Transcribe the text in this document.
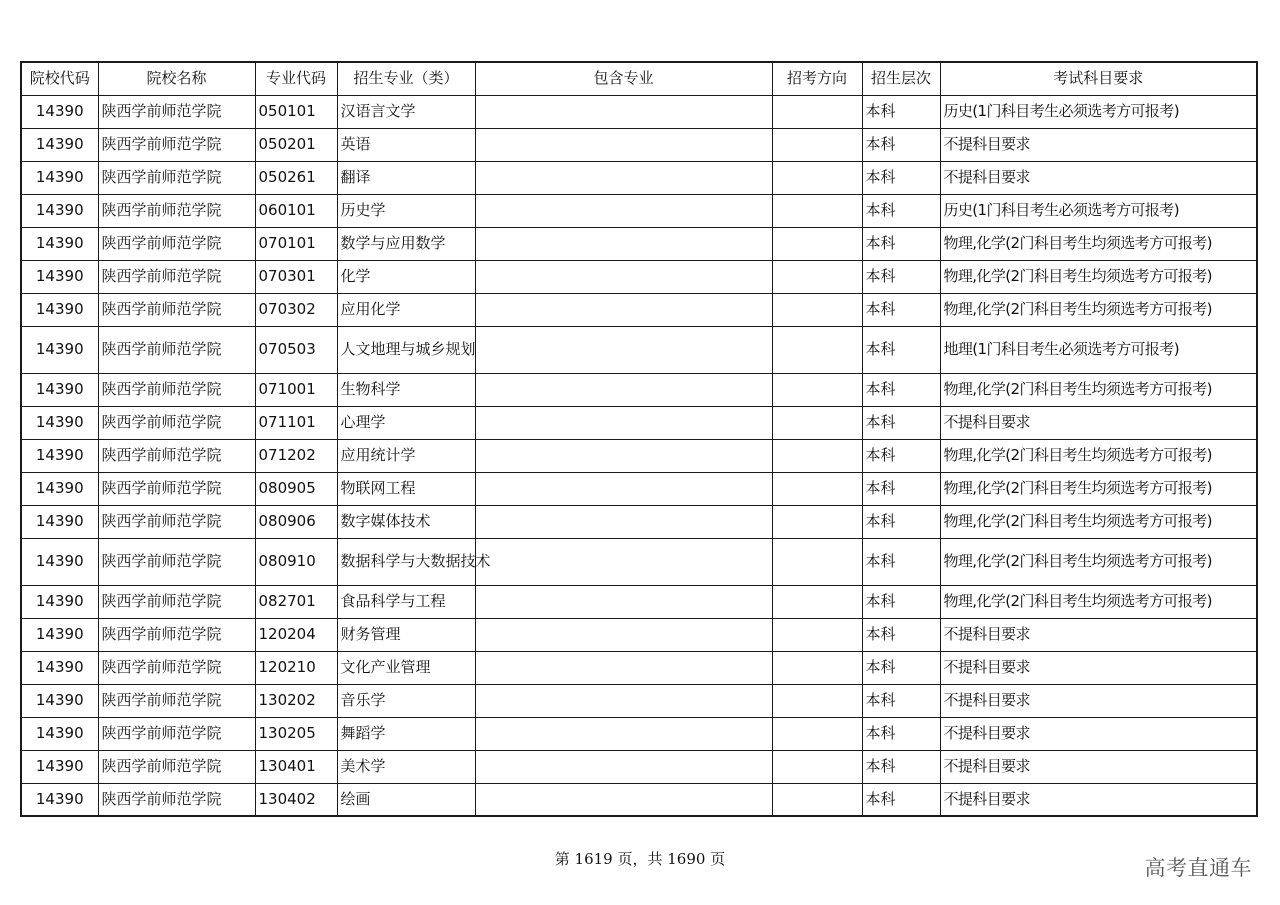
院校代码	院校名称	专业代码	招生专业（类）	包含专业	招考方向	招生层次	考试科目要求
14390	陕西学前师范学院	050101	汉语言文学			本科	历史(1门科目考生必须选考方可报考)
14390	陕西学前师范学院	050201	英语			本科	不提科目要求
14390	陕西学前师范学院	050261	翻译			本科	不提科目要求
14390	陕西学前师范学院	060101	历史学			本科	历史(1门科目考生必须选考方可报考)
14390	陕西学前师范学院	070101	数学与应用数学			本科	物理,化学(2门科目考生均须选考方可报考)
14390	陕西学前师范学院	070301	化学			本科	物理,化学(2门科目考生均须选考方可报考)
14390	陕西学前师范学院	070302	应用化学			本科	物理,化学(2门科目考生均须选考方可报考)
14390	陕西学前师范学院	070503	人文地理与城乡规划			本科	地理(1门科目考生必须选考方可报考)
14390	陕西学前师范学院	071001	生物科学			本科	物理,化学(2门科目考生均须选考方可报考)
14390	陕西学前师范学院	071101	心理学			本科	不提科目要求
14390	陕西学前师范学院	071202	应用统计学			本科	物理,化学(2门科目考生均须选考方可报考)
14390	陕西学前师范学院	080905	物联网工程			本科	物理,化学(2门科目考生均须选考方可报考)
14390	陕西学前师范学院	080906	数字媒体技术			本科	物理,化学(2门科目考生均须选考方可报考)
14390	陕西学前师范学院	080910	数据科学与大数据技术			本科	物理,化学(2门科目考生均须选考方可报考)
14390	陕西学前师范学院	082701	食品科学与工程			本科	物理,化学(2门科目考生均须选考方可报考)
14390	陕西学前师范学院	120204	财务管理			本科	不提科目要求
14390	陕西学前师范学院	120210	文化产业管理			本科	不提科目要求
14390	陕西学前师范学院	130202	音乐学			本科	不提科目要求
14390	陕西学前师范学院	130205	舞蹈学			本科	不提科目要求
14390	陕西学前师范学院	130401	美术学			本科	不提科目要求
14390	陕西学前师范学院	130402	绘画			本科	不提科目要求
第 1619 页，共 1690 页	高考直通车
